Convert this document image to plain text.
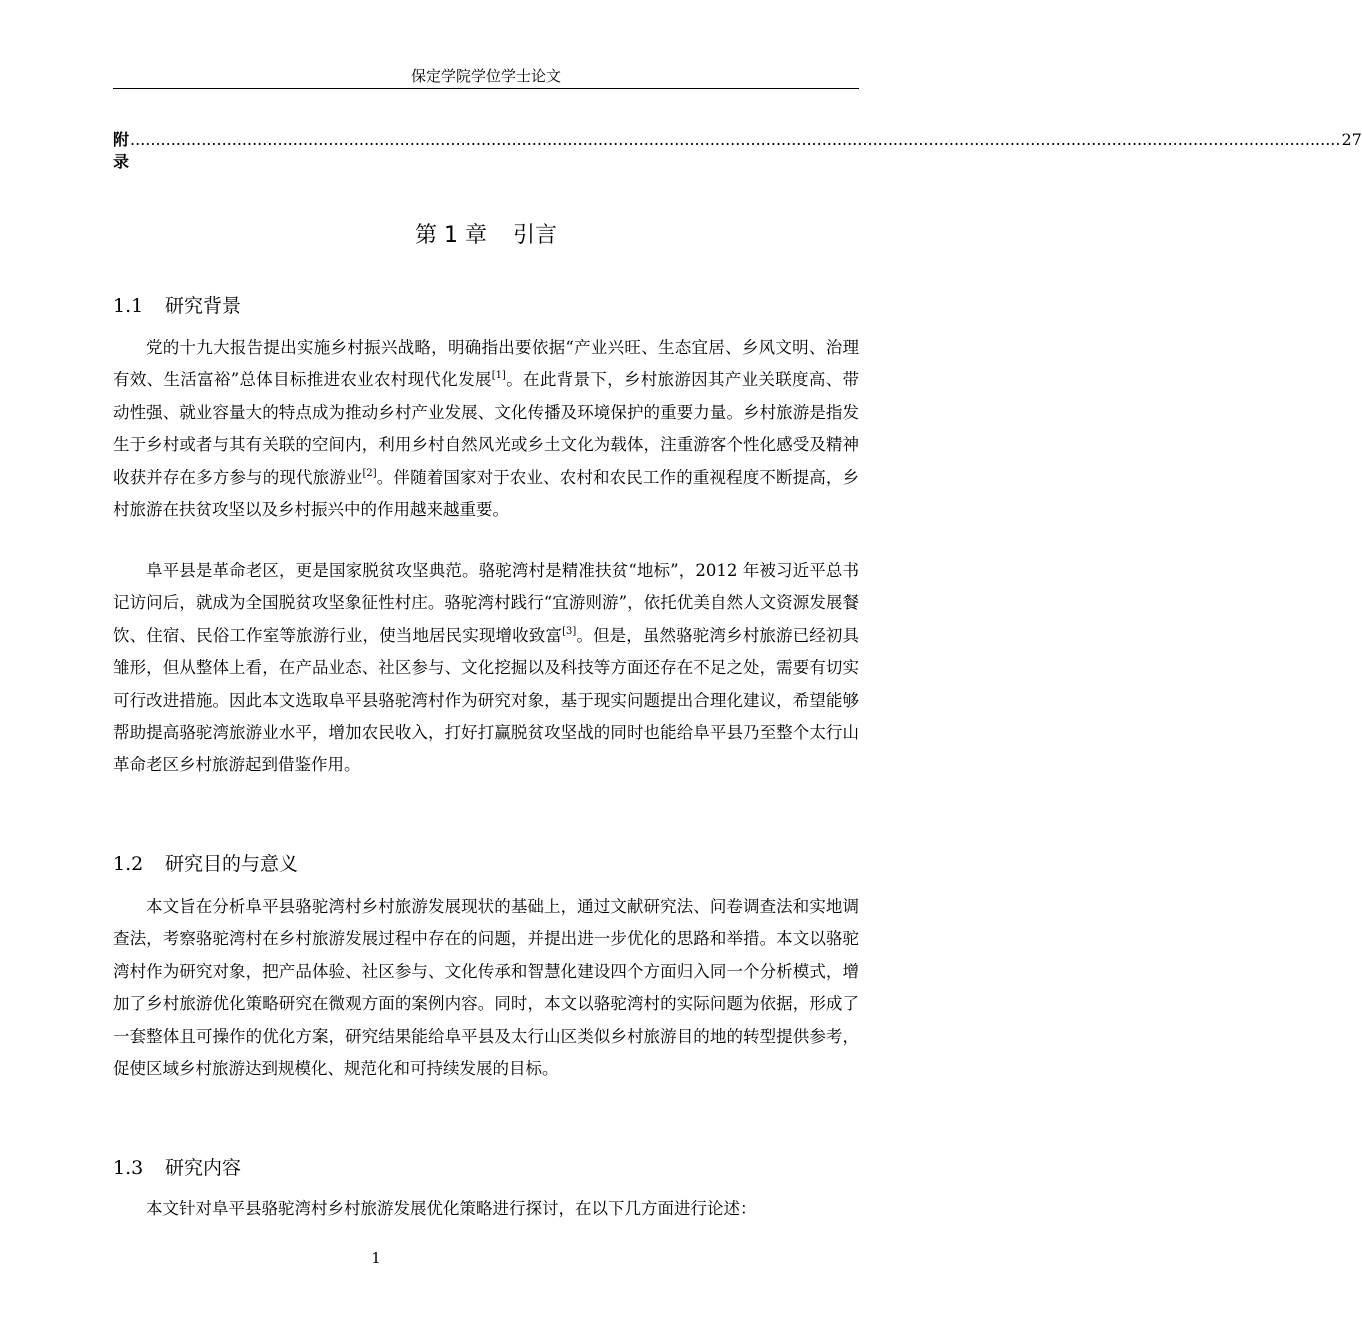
保定学院学位学士论文
附录
.............................................................................................................................................................................................................................................. 27
第 1 章 引言
1.1 研究背景

党的十九大报告提出实施乡村振兴战略，明确指出要依据“产业兴旺、生态宜居、乡风文明、治理有效、生活富裕”总体目标推进农业农村现代化发展[1]。在此背景下，乡村旅游因其产业关联度高、带动性强、就业容量大的特点成为推动乡村产业发展、文化传播及环境保护的重要力量。乡村旅游是指发生于乡村或者与其有关联的空间内，利用乡村自然风光或乡土文化为载体，注重游客个性化感受及精神收获并存在多方参与的现代旅游业[2]。伴随着国家对于农业、农村和农民工作的重视程度不断提高，乡村旅游在扶贫攻坚以及乡村振兴中的作用越来越重要。

阜平县是革命老区，更是国家脱贫攻坚典范。骆驼湾村是精准扶贫“地标”，2012 年被习近平总书记访问后，就成为全国脱贫攻坚象征性村庄。骆驼湾村践行“宜游则游”，依托优美自然人文资源发展餐饮、住宿、民俗工作室等旅游行业，使当地居民实现增收致富[3]。但是，虽然骆驼湾乡村旅游已经初具雏形，但从整体上看，在产品业态、社区参与、文化挖掘以及科技等方面还存在不足之处，需要有切实可行改进措施。因此本文选取阜平县骆驼湾村作为研究对象，基于现实问题提出合理化建议，希望能够帮助提高骆驼湾旅游业水平，增加农民收入，打好打赢脱贫攻坚战的同时也能给阜平县乃至整个太行山革命老区乡村旅游起到借鉴作用。

1.2 研究目的与意义

本文旨在分析阜平县骆驼湾村乡村旅游发展现状的基础上，通过文献研究法、问卷调查法和实地调查法，考察骆驼湾村在乡村旅游发展过程中存在的问题，并提出进一步优化的思路和举措。本文以骆驼湾村作为研究对象，把产品体验、社区参与、文化传承和智慧化建设四个方面归入同一个分析模式，增加了乡村旅游优化策略研究在微观方面的案例内容。同时，本文以骆驼湾村的实际问题为依据，形成了一套整体且可操作的优化方案，研究结果能给阜平县及太行山区类似乡村旅游目的地的转型提供参考，促使区域乡村旅游达到规模化、规范化和可持续发展的目标。

1.3 研究内容

本文针对阜平县骆驼湾村乡村旅游发展优化策略进行探讨，在以下几方面进行论述：

1
